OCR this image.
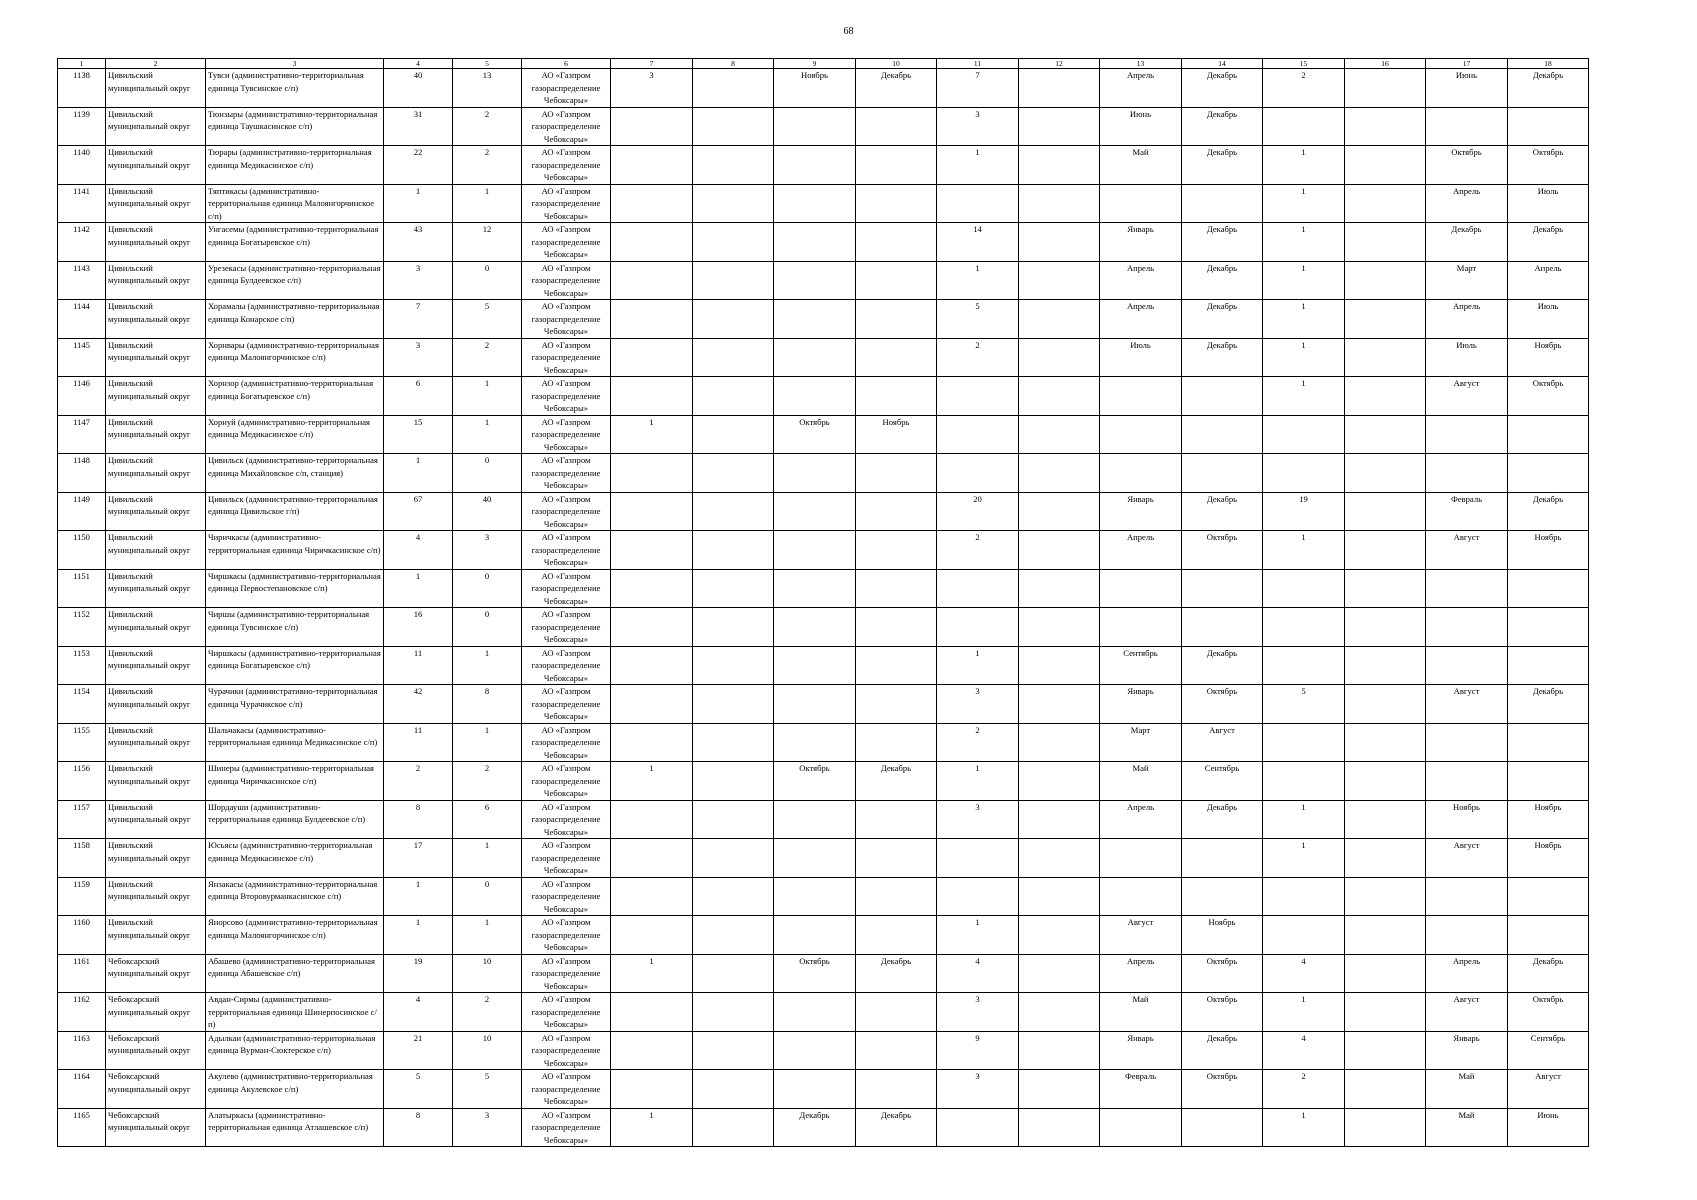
68
1	2	3	4	5	6	7	8	9	10	11	12	13	14	15	16	17	18
1138	Цивильский муниципальный округ	Тувси (административно-территориальная единица Тувсинское с/п)	40	13	АО «Газпром газораспределение Чебоксары»	3		Ноябрь	Декабрь	7		Апрель	Декабрь	2		Июнь	Декабрь
1139	Цивильский муниципальный округ	Тюнзыры (административно-территориальная единица Таушкасинское с/п)	31	2	АО «Газпром газораспределение Чебоксары»					3		Июнь	Декабрь				
1140	Цивильский муниципальный округ	Тюрары (административно-территориальная единица Медикасинское с/п)	22	2	АО «Газпром газораспределение Чебоксары»					1		Май	Декабрь	1		Октябрь	Октябрь
1141	Цивильский муниципальный округ	Тяптикасы (административно-территориальная единица Малоянгорчинское с/п)	1	1	АО «Газпром газораспределение Чебоксары»									1		Апрель	Июль
1142	Цивильский муниципальный округ	Унгасемы (административно-территориальная единица Богатыревское с/п)	43	12	АО «Газпром газораспределение Чебоксары»					14		Январь	Декабрь	1		Декабрь	Декабрь
1143	Цивильский муниципальный округ	Урезекасы (административно-территориальная единица Булдеевское с/п)	3	0	АО «Газпром газораспределение Чебоксары»					1		Апрель	Декабрь	1		Март	Апрель
1144	Цивильский муниципальный округ	Хорамалы (административно-территориальная единица Конарское с/п)	7	5	АО «Газпром газораспределение Чебоксары»					5		Апрель	Декабрь	1		Апрель	Июль
1145	Цивильский муниципальный округ	Хорнвары (административно-территориальная единица Малоянгорчинское с/п)	3	2	АО «Газпром газораспределение Чебоксары»					2		Июль	Декабрь	1		Июль	Ноябрь
1146	Цивильский муниципальный округ	Хорнзор (административно-территориальная единица Богатыревское с/п)	6	1	АО «Газпром газораспределение Чебоксары»									1		Август	Октябрь
1147	Цивильский муниципальный округ	Хорнуй (административно-территориальная единица Медикасинское с/п)	15	1	АО «Газпром газораспределение Чебоксары»	1		Октябрь	Ноябрь								
1148	Цивильский муниципальный округ	Цивильск (административно-территориальная единица Михайловское с/п, станция)	1	0	АО «Газпром газораспределение Чебоксары»												
1149	Цивильский муниципальный округ	Цивильск (административно-территориальная единица Цивильское г/п)	67	40	АО «Газпром газораспределение Чебоксары»					20		Январь	Декабрь	19		Февраль	Декабрь
1150	Цивильский муниципальный округ	Чиричкасы (административно-территориальная единица Чиричкасинское с/п)	4	3	АО «Газпром газораспределение Чебоксары»					2		Апрель	Октябрь	1		Август	Ноябрь
1151	Цивильский муниципальный округ	Чиршкасы (административно-территориальная единица Первостепановское с/п)	1	0	АО «Газпром газораспределение Чебоксары»												
1152	Цивильский муниципальный округ	Чиршы (административно-территориальная единица Тувсинское с/п)	16	0	АО «Газпром газораспределение Чебоксары»												
1153	Цивильский муниципальный округ	Чиршкасы (административно-территориальная единица Богатыревское с/п)	11	1	АО «Газпром газораспределение Чебоксары»					1		Сентябрь	Декабрь				
1154	Цивильский муниципальный округ	Чурачики (административно-территориальная единица Чурачикское с/п)	42	8	АО «Газпром газораспределение Чебоксары»					3		Январь	Октябрь	5		Август	Декабрь
1155	Цивильский муниципальный округ	Шальчакасы (административно-территориальная единица Медикасинское с/п)	11	1	АО «Газпром газораспределение Чебоксары»					2		Март	Август				
1156	Цивильский муниципальный округ	Шинеры (административно-территориальная единица Чиричкасинское с/п)	2	2	АО «Газпром газораспределение Чебоксары»	1		Октябрь	Декабрь	1		Май	Сентябрь				
1157	Цивильский муниципальный округ	Шордауши (административно-территориальная единица Булдеевское с/п)	8	6	АО «Газпром газораспределение Чебоксары»					3		Апрель	Декабрь	1		Ноябрь	Ноябрь
1158	Цивильский муниципальный округ	Юсьясы (административно-территориальная единица Медикасинское с/п)	17	1	АО «Газпром газораспределение Чебоксары»									1		Август	Ноябрь
1159	Цивильский муниципальный округ	Янзакасы (административно-территориальная единица Второвурманкасинское с/п)	1	0	АО «Газпром газораспределение Чебоксары»												
1160	Цивильский муниципальный округ	Янорсово (административно-территориальная единица Малоянгорчинское с/п)	1	1	АО «Газпром газораспределение Чебоксары»					1		Август	Ноябрь				
1161	Чебоксарский муниципальный округ	Абашево (административно-территориальная единица Абашевское с/п)	19	10	АО «Газпром газораспределение Чебоксары»	1		Октябрь	Декабрь	4		Апрель	Октябрь	4		Апрель	Декабрь
1162	Чебоксарский муниципальный округ	Авдан-Сирмы (административно-территориальная единица Шинерпосинское с/п)	4	2	АО «Газпром газораспределение Чебоксары»					3		Май	Октябрь	1		Август	Октябрь
1163	Чебоксарский муниципальный округ	Адылкаи (административно-территориальная единица Вурман-Сюктерское с/п)	21	10	АО «Газпром газораспределение Чебоксары»					9		Январь	Декабрь	4		Январь	Сентябрь
1164	Чебоксарский муниципальный округ	Акулево (административно-территориальная единица Акулевское с/п)	5	5	АО «Газпром газораспределение Чебоксары»					3		Февраль	Октябрь	2		Май	Август
1165	Чебоксарский муниципальный округ	Алатыркасы (административно-территориальная единица Атлашевское с/п)	8	3	АО «Газпром газораспределение Чебоксары»	1		Декабрь	Декабрь					1		Май	Июнь
